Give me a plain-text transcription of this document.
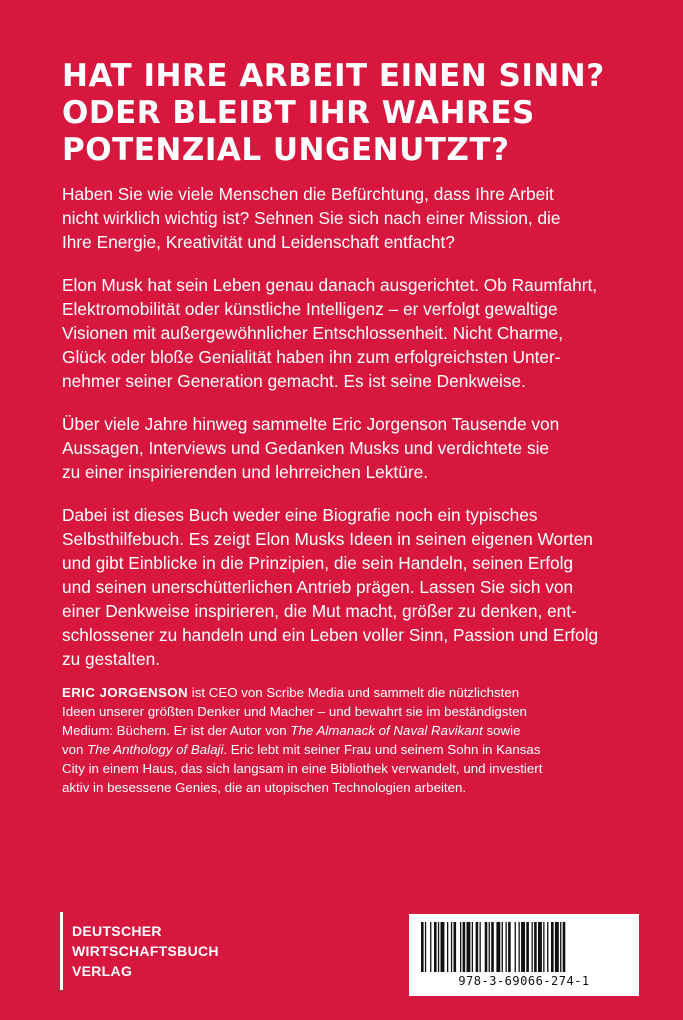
HAT IHRE ARBEIT EINEN SINN?
ODER BLEIBT IHR WAHRES
POTENZIAL UNGENUTZT?

Haben Sie wie viele Menschen die Befürchtung, dass Ihre Arbeit
nicht wirklich wichtig ist? Sehnen Sie sich nach einer Mission, die
Ihre Energie, Kreativität und Leidenschaft entfacht?

Elon Musk hat sein Leben genau danach ausgerichtet. Ob Raumfahrt,
Elektromobilität oder künstliche Intelligenz – er verfolgt gewaltige
Visionen mit außergewöhnlicher Entschlossenheit. Nicht Charme,
Glück oder bloße Genialität haben ihn zum erfolgreichsten Unter-
nehmer seiner Generation gemacht. Es ist seine Denkweise.

Über viele Jahre hinweg sammelte Eric Jorgenson Tausende von
Aussagen, Interviews und Gedanken Musks und verdichtete sie
zu einer inspirierenden und lehrreichen Lektüre.

Dabei ist dieses Buch weder eine Biografie noch ein typisches
Selbsthilfebuch. Es zeigt Elon Musks Ideen in seinen eigenen Worten
und gibt Einblicke in die Prinzipien, die sein Handeln, seinen Erfolg
und seinen unerschütterlichen Antrieb prägen. Lassen Sie sich von
einer Denkweise inspirieren, die Mut macht, größer zu denken, ent-
schlossener zu handeln und ein Leben voller Sinn, Passion und Erfolg
zu gestalten.

ERIC JORGENSON ist CEO von Scribe Media und sammelt die nützlichsten
Ideen unserer größten Denker und Macher – und bewahrt sie im beständigsten
Medium: Büchern. Er ist der Autor von The Almanack of Naval Ravikant sowie
von The Anthology of Balaji. Eric lebt mit seiner Frau und seinem Sohn in Kansas
City in einem Haus, das sich langsam in eine Bibliothek verwandelt, und investiert
aktiv in besessene Genies, die an utopischen Technologien arbeiten.
DEUTSCHER
WIRTSCHAFTSBUCH
VERLAG
978-3-69066-274-1
